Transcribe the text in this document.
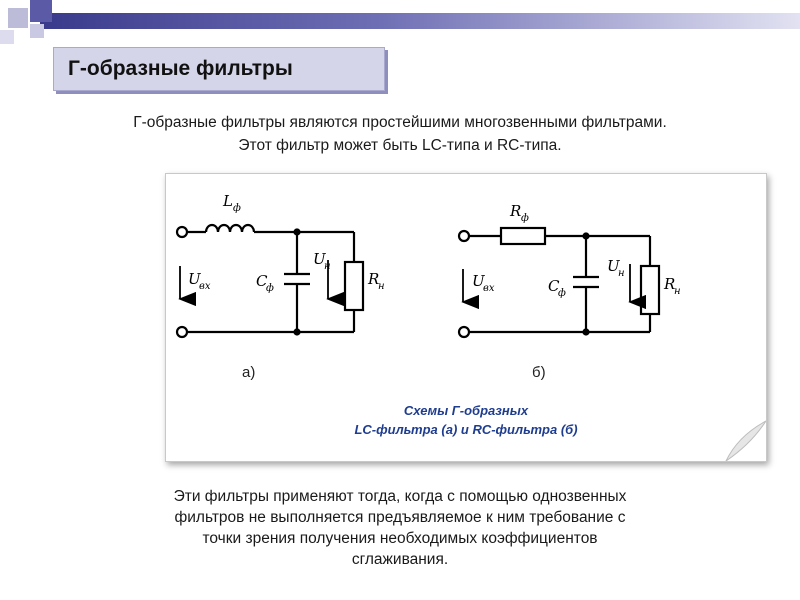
Г-образные фильтры
Г-образные фильтры являются простейшими многозвенными фильтрами.
Этот фильтр может быть LC-типа и RC-типа.
L ф
C
ф
U
н
R
н
U
вх
R ф
C
ф
U
н
R
н
U
вх
а)	б)
Схемы Г-образных
LC-фильтра (а) и RC-фильтра (б)
Эти фильтры применяют тогда, когда с помощью однозвенных
фильтров не выполняется предъявляемое к ним требование с
точки зрения получения необходимых коэффициентов
сглаживания.
